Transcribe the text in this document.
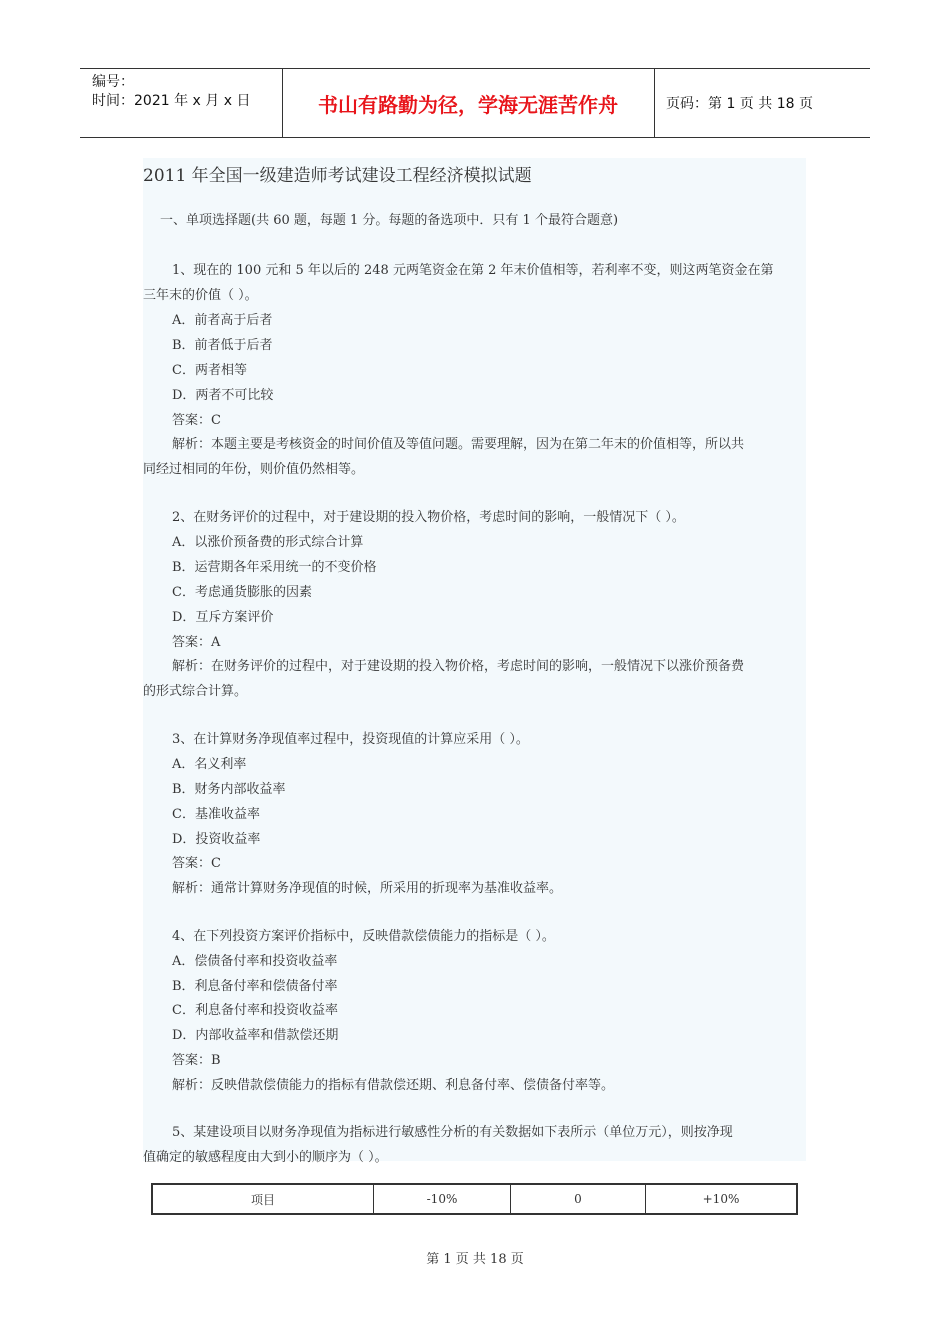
编号：
时间：2021 年 x 月 x 日	书山有路勤为径，学海无涯苦作舟	页码：第 1 页 共 18 页
2011 年全国一级建造师考试建设工程经济模拟试题
一、单项选择题(共 60 题，每题 1 分。每题的备选项中．只有 1 个最符合题意)
1、现在的 100 元和 5 年以后的 248 元两笔资金在第 2 年末价值相等，若利率不变，则这两笔资金在第
三年末的价值（ ）。
A．前者高于后者
B．前者低于后者
C．两者相等
D．两者不可比较
答案：C
解析：本题主要是考核资金的时间价值及等值问题。需要理解，因为在第二年末的价值相等，所以共
同经过相同的年份，则价值仍然相等。
2、在财务评价的过程中，对于建设期的投入物价格，考虑时间的影响，一般情况下（ ）。
A．以涨价预备费的形式综合计算
B．运营期各年采用统一的不变价格
C．考虑通货膨胀的因素
D．互斥方案评价
答案：A
解析：在财务评价的过程中，对于建设期的投入物价格，考虑时间的影响，一般情况下以涨价预备费
的形式综合计算。
3、在计算财务净现值率过程中，投资现值的计算应采用（ ）。
A．名义利率
B．财务内部收益率
C．基准收益率
D．投资收益率
答案：C
解析：通常计算财务净现值的时候，所采用的折现率为基准收益率。
4、在下列投资方案评价指标中，反映借款偿债能力的指标是（ ）。
A．偿债备付率和投资收益率
B．利息备付率和偿债备付率
C．利息备付率和投资收益率
D．内部收益率和借款偿还期
答案：B
解析：反映借款偿债能力的指标有借款偿还期、利息备付率、偿债备付率等。
5、某建设项目以财务净现值为指标进行敏感性分析的有关数据如下表所示（单位万元），则按净现
值确定的敏感程度由大到小的顺序为（ ）。
项目	-10%	0	+10%
第 1 页 共 18 页
